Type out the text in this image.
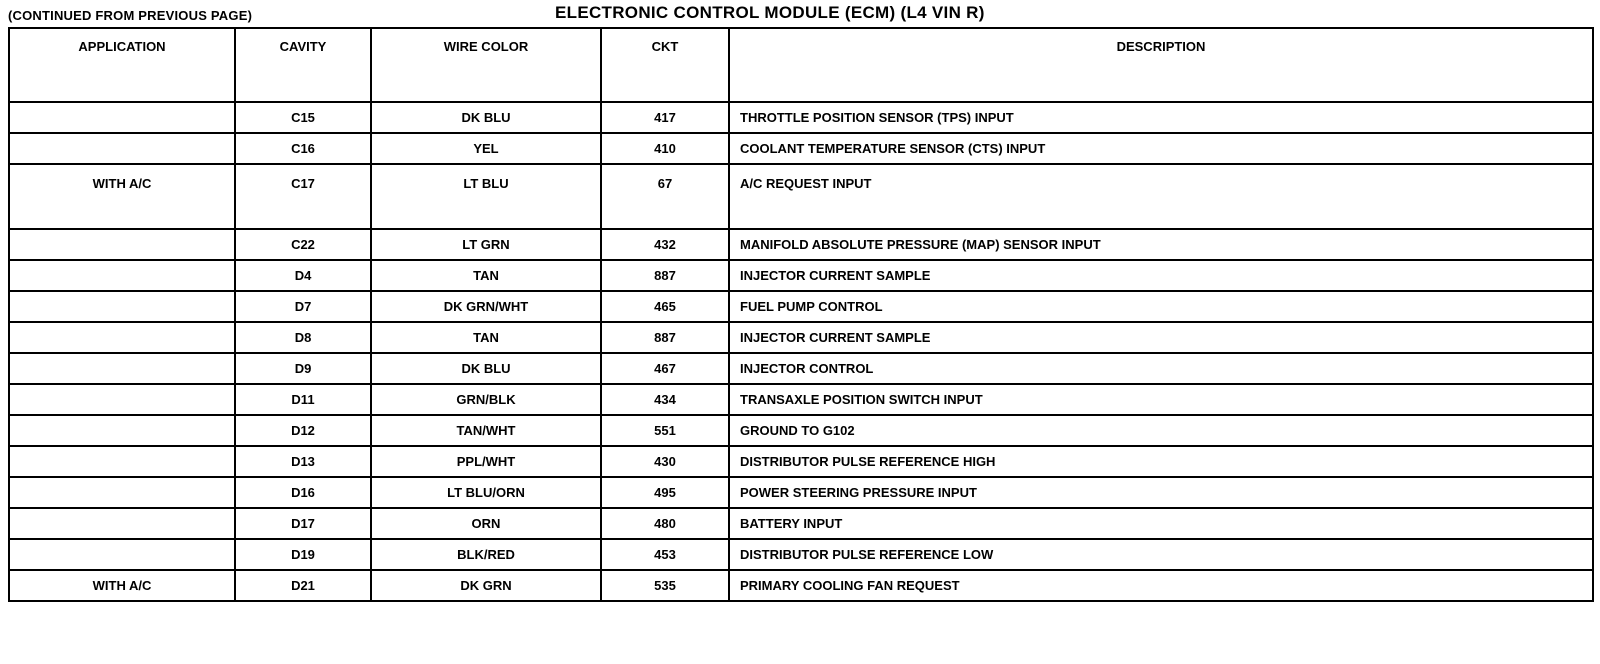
(CONTINUED FROM PREVIOUS PAGE)	ELECTRONIC CONTROL MODULE (ECM) (L4 VIN R)
APPLICATION	CAVITY	WIRE COLOR	CKT	DESCRIPTION
	C15	DK BLU	417	THROTTLE POSITION SENSOR (TPS) INPUT
	C16	YEL	410	COOLANT TEMPERATURE SENSOR (CTS) INPUT
WITH A/C	C17	LT BLU	67	A/C REQUEST INPUT
	C22	LT GRN	432	MANIFOLD ABSOLUTE PRESSURE (MAP) SENSOR INPUT
	D4	TAN	887	INJECTOR CURRENT SAMPLE
	D7	DK GRN/WHT	465	FUEL PUMP CONTROL
	D8	TAN	887	INJECTOR CURRENT SAMPLE
	D9	DK BLU	467	INJECTOR CONTROL
	D11	GRN/BLK	434	TRANSAXLE POSITION SWITCH INPUT
	D12	TAN/WHT	551	GROUND TO G102
	D13	PPL/WHT	430	DISTRIBUTOR PULSE REFERENCE HIGH
	D16	LT BLU/ORN	495	POWER STEERING PRESSURE INPUT
	D17	ORN	480	BATTERY INPUT
	D19	BLK/RED	453	DISTRIBUTOR PULSE REFERENCE LOW
WITH A/C	D21	DK GRN	535	PRIMARY COOLING FAN REQUEST
